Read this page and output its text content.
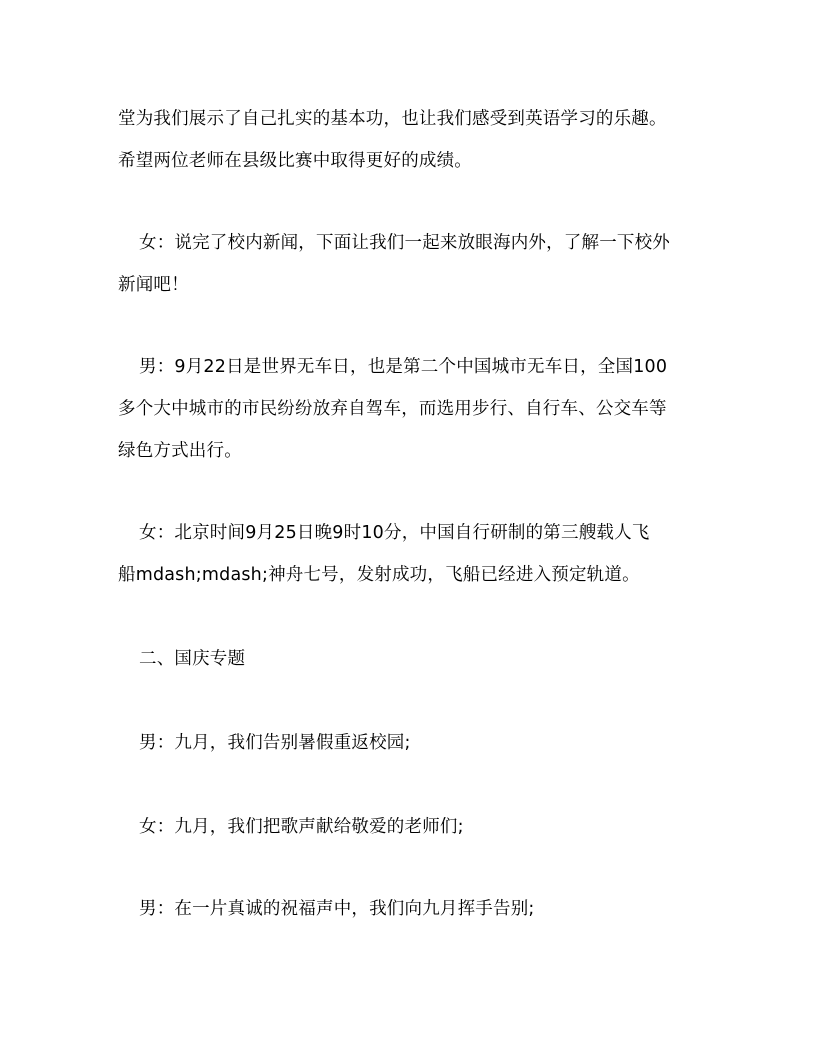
堂为我们展示了自己扎实的基本功，也让我们感受到英语学习的乐趣。
希望两位老师在县级比赛中取得更好的成绩。
女：说完了校内新闻，下面让我们一起来放眼海内外，了解一下校外
新闻吧！
男：9月22日是世界无车日，也是第二个中国城市无车日，全国100
多个大中城市的市民纷纷放弃自驾车，而选用步行、自行车、公交车等
绿色方式出行。
女：北京时间9月25日晚9时10分，中国自行研制的第三艘载人飞
船mdash;mdash;神舟七号，发射成功，飞船已经进入预定轨道。
二、国庆专题
男：九月，我们告别暑假重返校园;
女：九月，我们把歌声献给敬爱的老师们;
男：在一片真诚的祝福声中，我们向九月挥手告别;
